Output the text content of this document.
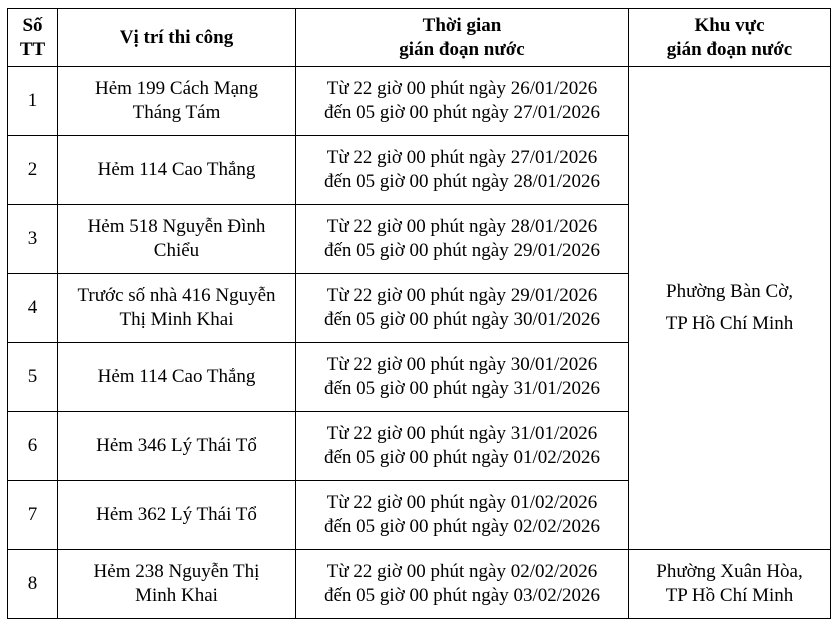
Số
TT	Vị trí thi công	Thời gian
gián đoạn nước	Khu vực
gián đoạn nước

1	Hẻm 199 Cách Mạng
Tháng Tám	Từ 22 giờ 00 phút ngày 26/01/2026
đến 05 giờ 00 phút ngày 27/01/2026	Phường Bàn Cờ,
TP Hồ Chí Minh

2	Hẻm 114 Cao Thắng	Từ 22 giờ 00 phút ngày 27/01/2026
đến 05 giờ 00 phút ngày 28/01/2026	

3	Hẻm 518 Nguyễn Đình
Chiểu	Từ 22 giờ 00 phút ngày 28/01/2026
đến 05 giờ 00 phút ngày 29/01/2026	

4	Trước số nhà 416 Nguyễn
Thị Minh Khai	Từ 22 giờ 00 phút ngày 29/01/2026
đến 05 giờ 00 phút ngày 30/01/2026	

5	Hẻm 114 Cao Thắng	Từ 22 giờ 00 phút ngày 30/01/2026
đến 05 giờ 00 phút ngày 31/01/2026	

6	Hẻm 346 Lý Thái Tổ	Từ 22 giờ 00 phút ngày 31/01/2026
đến 05 giờ 00 phút ngày 01/02/2026	

7	Hẻm 362 Lý Thái Tổ	Từ 22 giờ 00 phút ngày 01/02/2026
đến 05 giờ 00 phút ngày 02/02/2026	

8	Hẻm 238 Nguyễn Thị
Minh Khai	Từ 22 giờ 00 phút ngày 02/02/2026
đến 05 giờ 00 phút ngày 03/02/2026	Phường Xuân Hòa,
TP Hồ Chí Minh
